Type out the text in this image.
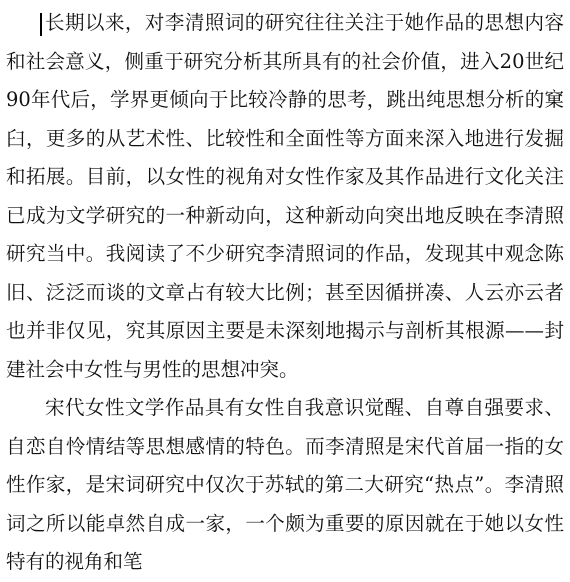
长期以来，对李清照词的研究往往关注于她作品的思想内容和社会意义，侧重于研究分析其所具有的社会价值，进入20世纪90年代后，学界更倾向于比较冷静的思考，跳出纯思想分析的窠臼，更多的从艺术性、比较性和全面性等方面来深入地进行发掘和拓展。目前，以女性的视角对女性作家及其作品进行文化关注已成为文学研究的一种新动向，这种新动向突出地反映在李清照研究当中。我阅读了不少研究李清照词的作品，发现其中观念陈旧、泛泛而谈的文章占有较大比例；甚至因循拼凑、人云亦云者也并非仅见，究其原因主要是未深刻地揭示与剖析其根源——封建社会中女性与男性的思想冲突。

宋代女性文学作品具有女性自我意识觉醒、自尊自强要求、自恋自怜情结等思想感情的特色。而李清照是宋代首届一指的女性作家，是宋词研究中仅次于苏轼的第二大研究“热点”。李清照词之所以能卓然自成一家，一个颇为重要的原因就在于她以女性特有的视角和笔
